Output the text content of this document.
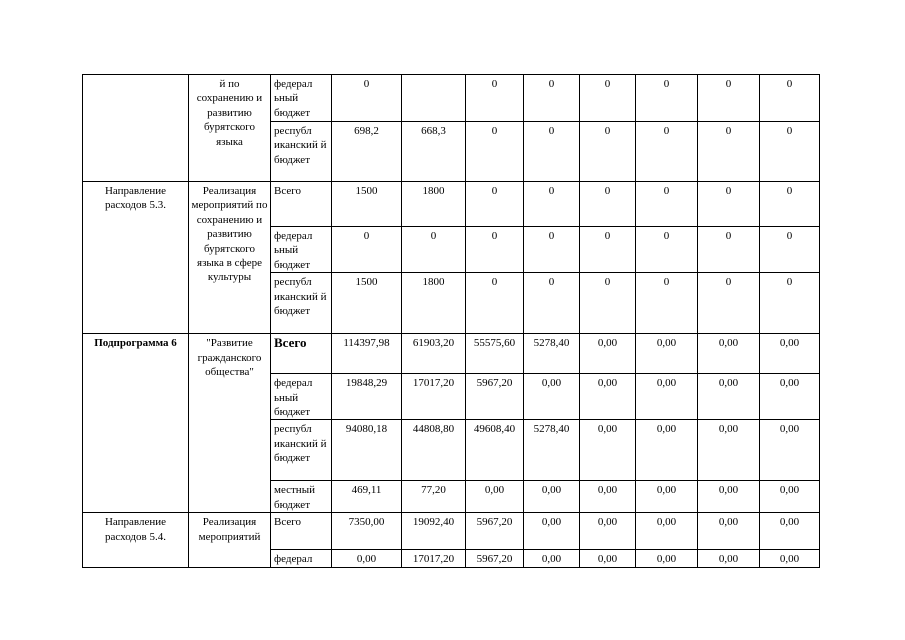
	й по сохранению и развитию бурятского языка	федерал ьный бюджет	0		0	0	0	0	0	0
		республ иканский й бюджет	698,2	668,3	0	0	0	0	0	0
Направление расходов 5.3.	Реализация мероприятий по сохранению и развитию бурятского языка в сфере культуры	Всего	1500	1800	0	0	0	0	0	0
		федерал ьный бюджет	0	0	0	0	0	0	0	0
		республ иканский й бюджет	1500	1800	0	0	0	0	0	0
Подпрограмма 6	"Развитие гражданского общества"	Всего	114397,98	61903,20	55575,60	5278,40	0,00	0,00	0,00	0,00
		федерал ьный бюджет	19848,29	17017,20	5967,20	0,00	0,00	0,00	0,00	0,00
		республ иканский й бюджет	94080,18	44808,80	49608,40	5278,40	0,00	0,00	0,00	0,00
		местный бюджет	469,11	77,20	0,00	0,00	0,00	0,00	0,00	0,00
Направление расходов 5.4.	Реализация мероприятий	Всего	7350,00	19092,40	5967,20	0,00	0,00	0,00	0,00	0,00
		федерал	0,00	17017,20	5967,20	0,00	0,00	0,00	0,00	0,00
